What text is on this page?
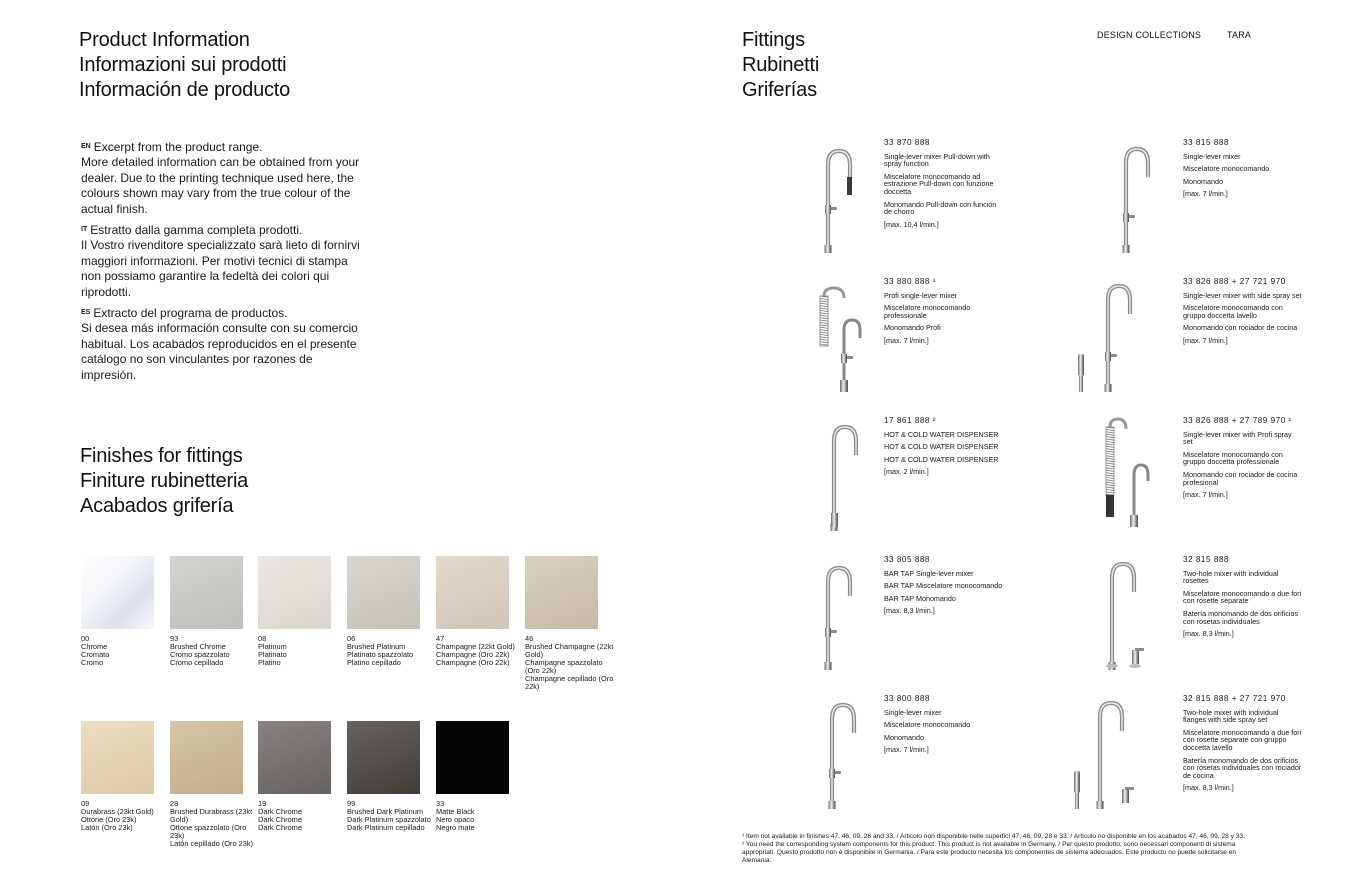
Product Information
Informazioni sui prodotti
Información de producto

$^{EN}$ Excerpt from the product range.
More detailed information can be obtained from your dealer. Due to the printing technique used here, the colours shown may vary from the true colour of the actual finish.

$^{IT}$ Estratto dalla gamma completa prodotti.
Il Vostro rivenditore specializzato sarà lieto di fornirvi maggiori informazioni. Per motivi tecnici di stampa non possiamo garantire la fedeltà dei colori qui riprodotti.

$^{ES}$ Extracto del programa de productos.
Si desea más información consulte con su comercio habitual. Los acabados reproducidos en el presente catálogo no son vinculantes por razones de impresión.

Finishes for fittings
Finiture rubinetteria
Acabados grifería
00
Chrome
Cromato
Cromo
93
Brushed Chrome
Cromo spazzolato
Cromo cepillado
08
Platinum
Platinato
Platino
06
Brushed Platinum
Platinato spazzolato
Platino cepillado
47
Champagne (22kt Gold)
Champagne (Oro 22k)
Champagne (Oro 22k)
46
Brushed Champagne (22kt Gold)
Champagne spazzolato (Oro 22k)
Champagne cepillado (Oro 22k)
09
Durabrass (23kt Gold)
Ottone (Oro 23k)
Latón (Oro 23k)
28
Brushed Durabrass (23kt Gold)
Ottone spazzolato (Oro 23k)
Latón cepillado (Oro 23k)
19
Dark Chrome
Dark Chrome
Dark Chrome
99
Brushed Dark Platinum
Dark Platinum spazzolato
Dark Platinum cepillado
33
Matte Black
Nero opaco
Negro mate
Fittings
Rubinetti
Griferías
DESIGN COLLECTIONS	TARA
33 870 888
Single-lever mixer Pull-down with spray function
Miscelatore monocomando ad estrazione Pull-down con funzione doccetta
Monomando Pull-down con función de chorro
[max. 10,4 l/min.]
33 815 888
Single-lever mixer
Miscelatore monocomando
Monomando
[max. 7 l/min.]
33 880 888 ¹
Profi single-lever mixer
Miscelatore monocomando professionale
Monomando Profi
[max. 7 l/min.]
33 826 888 + 27 721 970
Single-lever mixer with side spray set
Miscelatore monocomando con gruppo doccetta lavello
Monomando con rociador de cocina
[max. 7 l/min.]
17 861 888 ²
HOT & COLD WATER DISPENSER
HOT & COLD WATER DISPENSER
HOT & COLD WATER DISPENSER
[max. 2 l/min.]
33 826 888 + 27 789 970 ¹
Single-lever mixer with Profi spray set
Miscelatore monocomando con gruppo doccetta professionale
Monomando con rociador de cocina profesional
[max. 7 l/min.]
33 805 888
BAR TAP Single-lever mixer
BAR TAP Miscelatore monocomando
BAR TAP Monomando
[max. 8,3 l/min.]
32 815 888
Two-hole mixer with individual rosettes
Miscelatore monocomando a due fori con rosette separate
Batería monomando de dos orificios con rosetas individuales
[max. 8,3 l/min.]
33 800 888
Single-lever mixer
Miscelatore monocomando
Monomando
[max. 7 l/min.]
32 815 888 + 27 721 970
Two-hole mixer with individual flanges with side spray set
Miscelatore monocomando a due fori con rosette separate con gruppo doccetta lavello
Batería monomando de dos orificios con rosetas individuales con rociador de cocina
[max. 8,3 l/min.]
¹ Item not available in finishes 47, 46, 09, 28 and 33. / Articolo non disponibile nelle superfici 47, 46, 09, 28 e 33. / Artículo no disponible en los acabados 47, 46, 09, 28 y 33.
² You need the corresponding system components for this product. This product is not available in Germany. / Per questo prodotto, sono necessari componenti di sistema appropriati. Questo prodotto non è disponibile in Germania. / Para este producto necesita los componentes de sistema adecuados. Este producto no puede solicitarse en Alemania.
